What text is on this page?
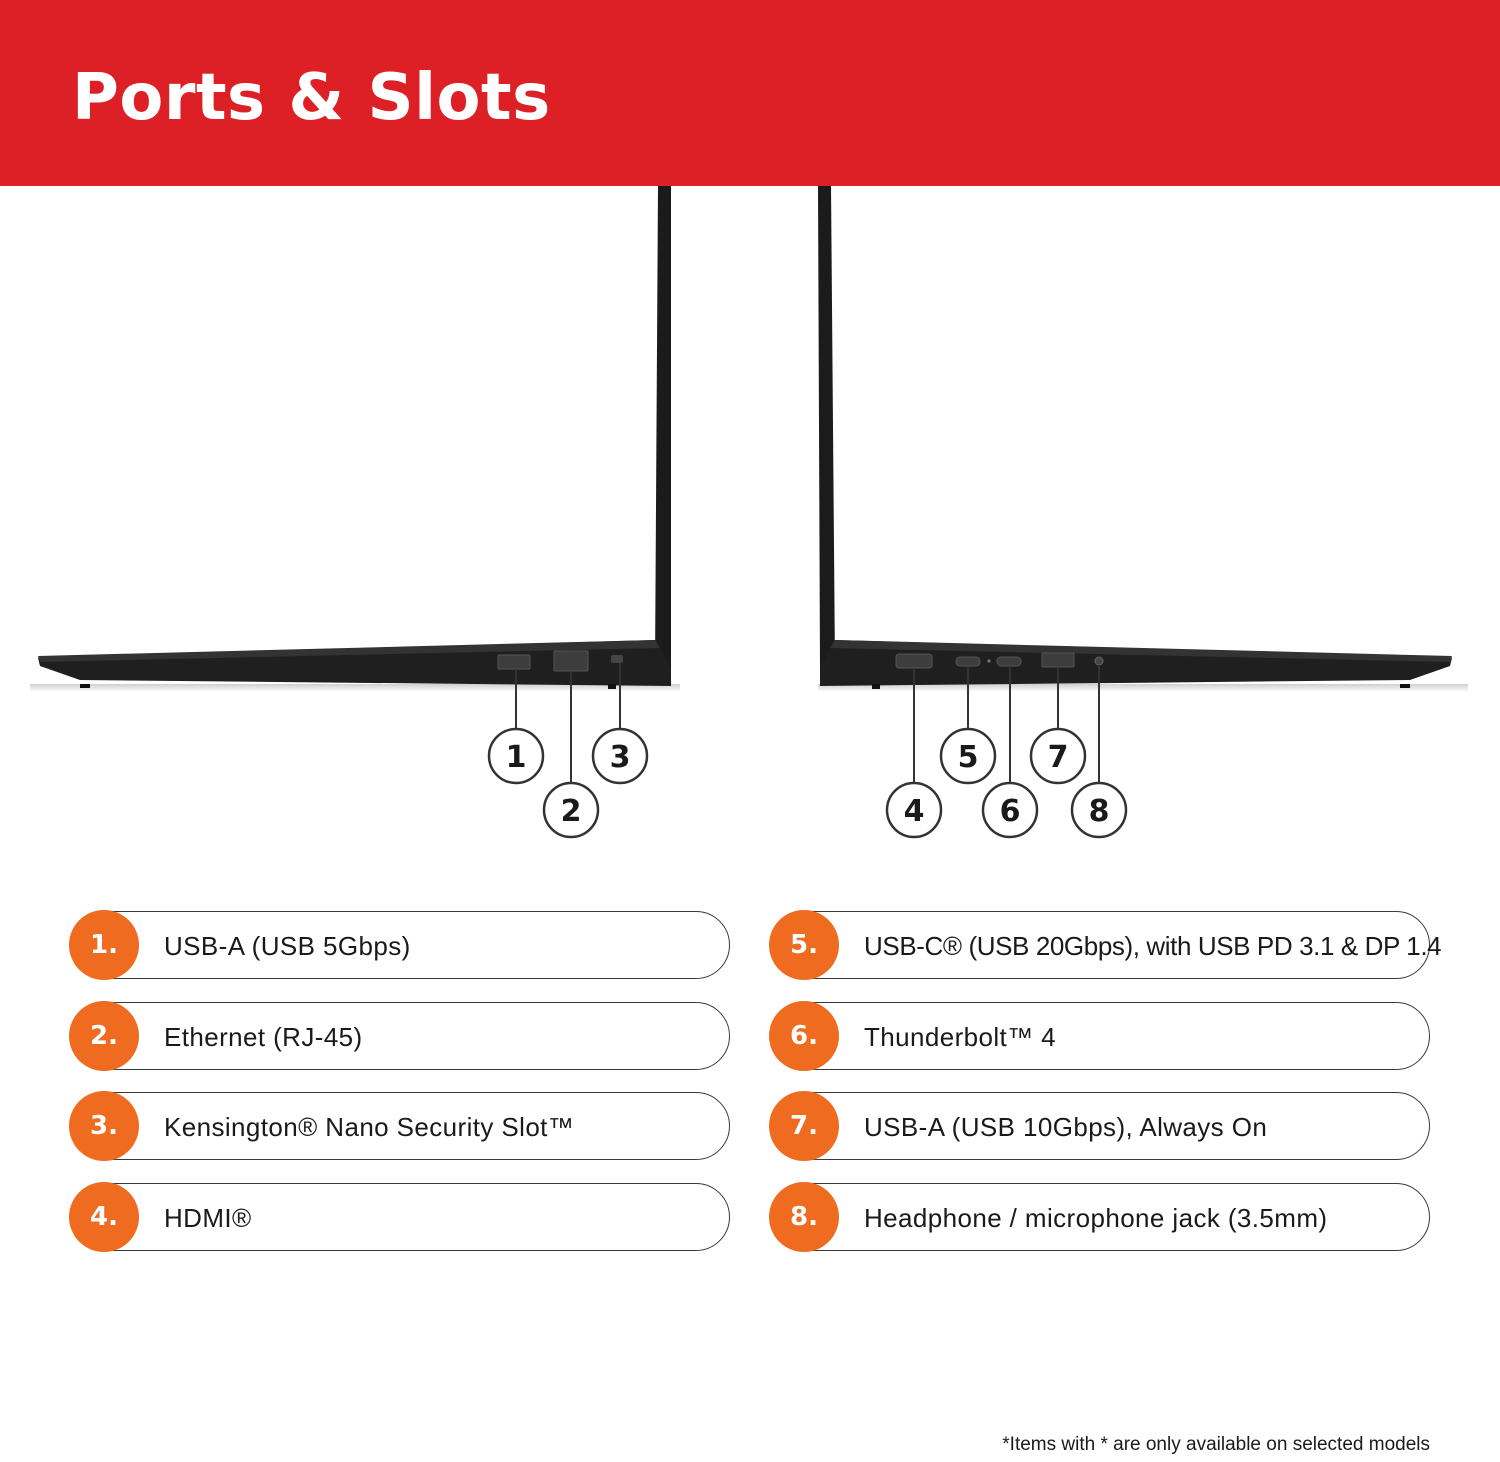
Ports & Slots
1
2
3
4
5
6
7
8
1.	USB-A (USB 5Gbps)
2.	Ethernet (RJ-45)
3.	Kensington® Nano Security Slot™
4.	HDMI®
5.	USB-C® (USB 20Gbps), with USB PD 3.1 & DP 1.4
6.	Thunderbolt™ 4
7.	USB-A (USB 10Gbps), Always On
8.	Headphone / microphone jack (3.5mm)

*Items with * are only available on selected models
